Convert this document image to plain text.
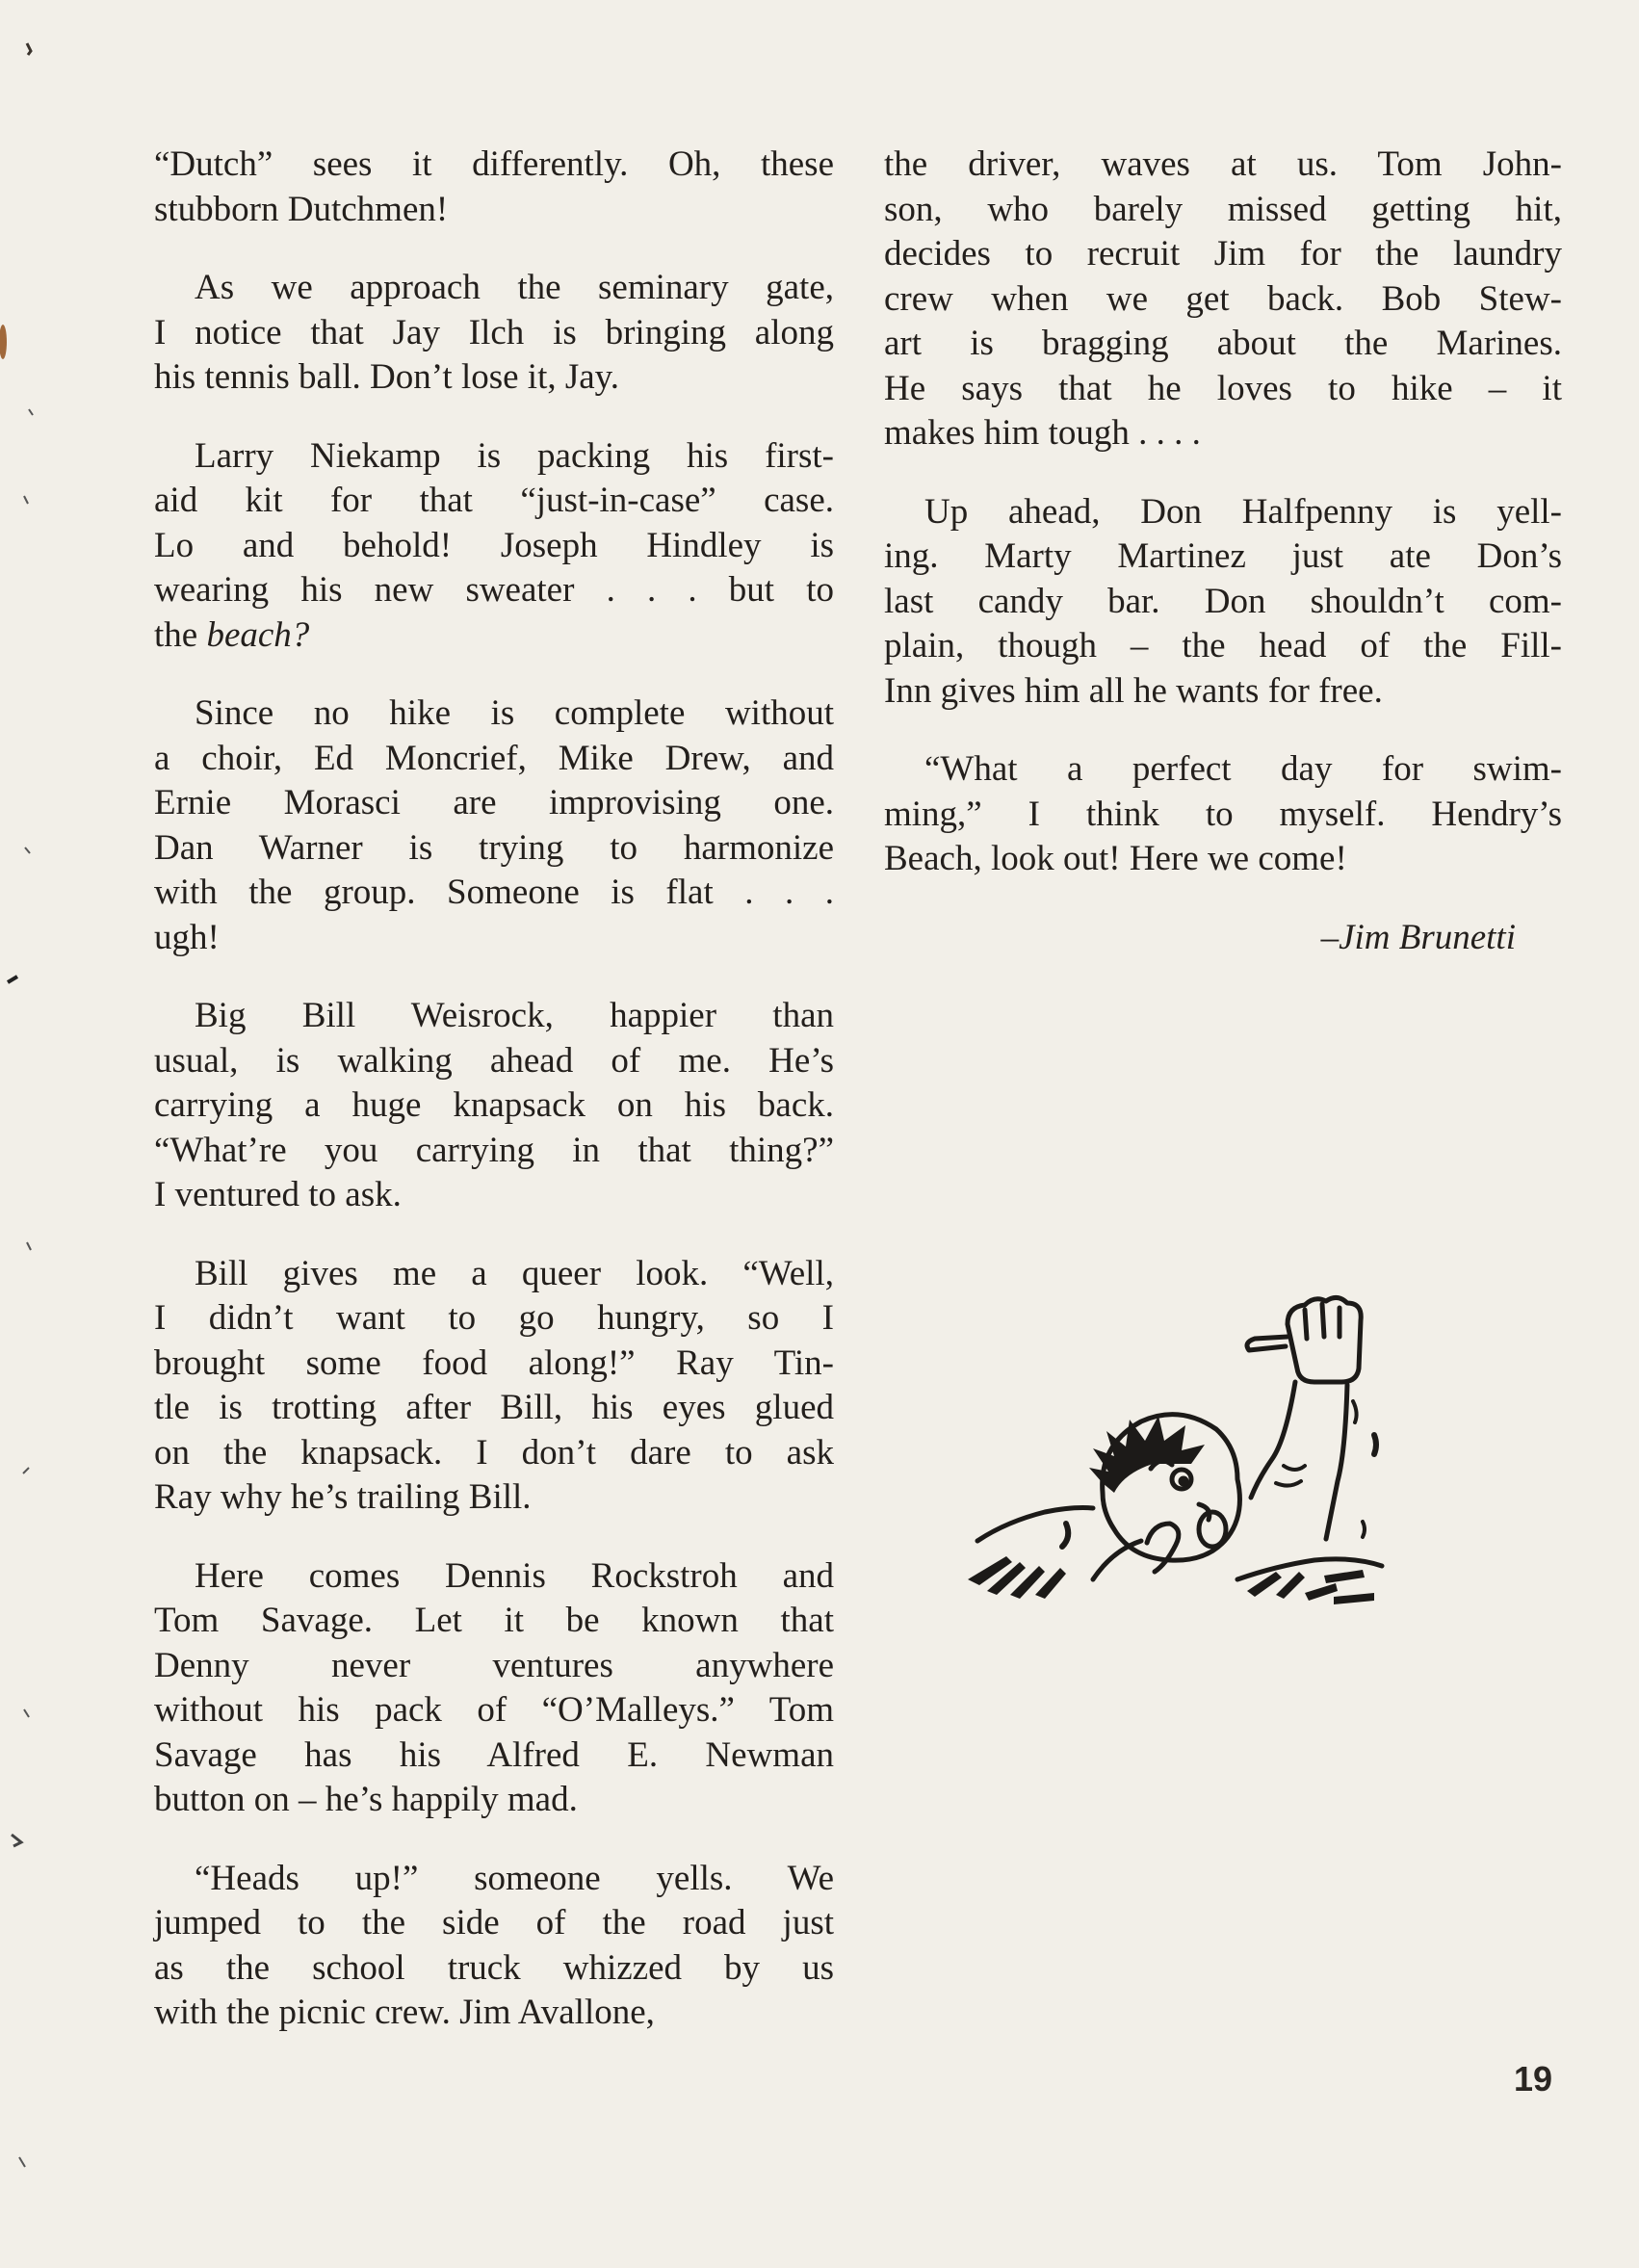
“Dutch” sees it differently. Oh, these
stubborn Dutchmen!
As we approach the seminary gate,
I notice that Jay Ilch is bringing along
his tennis ball. Don’t lose it, Jay.
Larry Niekamp is packing his first-
aid kit for that “just-in-case” case.
Lo and behold! Joseph Hindley is
wearing his new sweater . . . but to
the beach?
Since no hike is complete without
a choir, Ed Moncrief, Mike Drew, and
Ernie Morasci are improvising one.
Dan Warner is trying to harmonize
with the group. Someone is flat . . .
ugh!
Big Bill Weisrock, happier than
usual, is walking ahead of me. He’s
carrying a huge knapsack on his back.
“What’re you carrying in that thing?”
I ventured to ask.
Bill gives me a queer look. “Well,
I didn’t want to go hungry, so I
brought some food along!” Ray Tin-
tle is trotting after Bill, his eyes glued
on the knapsack. I don’t dare to ask
Ray why he’s trailing Bill.
Here comes Dennis Rockstroh and
Tom Savage. Let it be known that
Denny never ventures anywhere
without his pack of “O’Malleys.” Tom
Savage has his Alfred E. Newman
button on – he’s happily mad.
“Heads up!” someone yells. We
jumped to the side of the road just
as the school truck whizzed by us
with the picnic crew. Jim Avallone,
the driver, waves at us. Tom John-
son, who barely missed getting hit,
decides to recruit Jim for the laundry
crew when we get back. Bob Stew-
art is bragging about the Marines.
He says that he loves to hike – it
makes him tough . . . .
Up ahead, Don Halfpenny is yell-
ing. Marty Martinez just ate Don’s
last candy bar. Don shouldn’t com-
plain, though – the head of the Fill-
Inn gives him all he wants for free.
“What a perfect day for swim-
ming,” I think to myself. Hendry’s
Beach, look out! Here we come!
–Jim Brunetti
19
